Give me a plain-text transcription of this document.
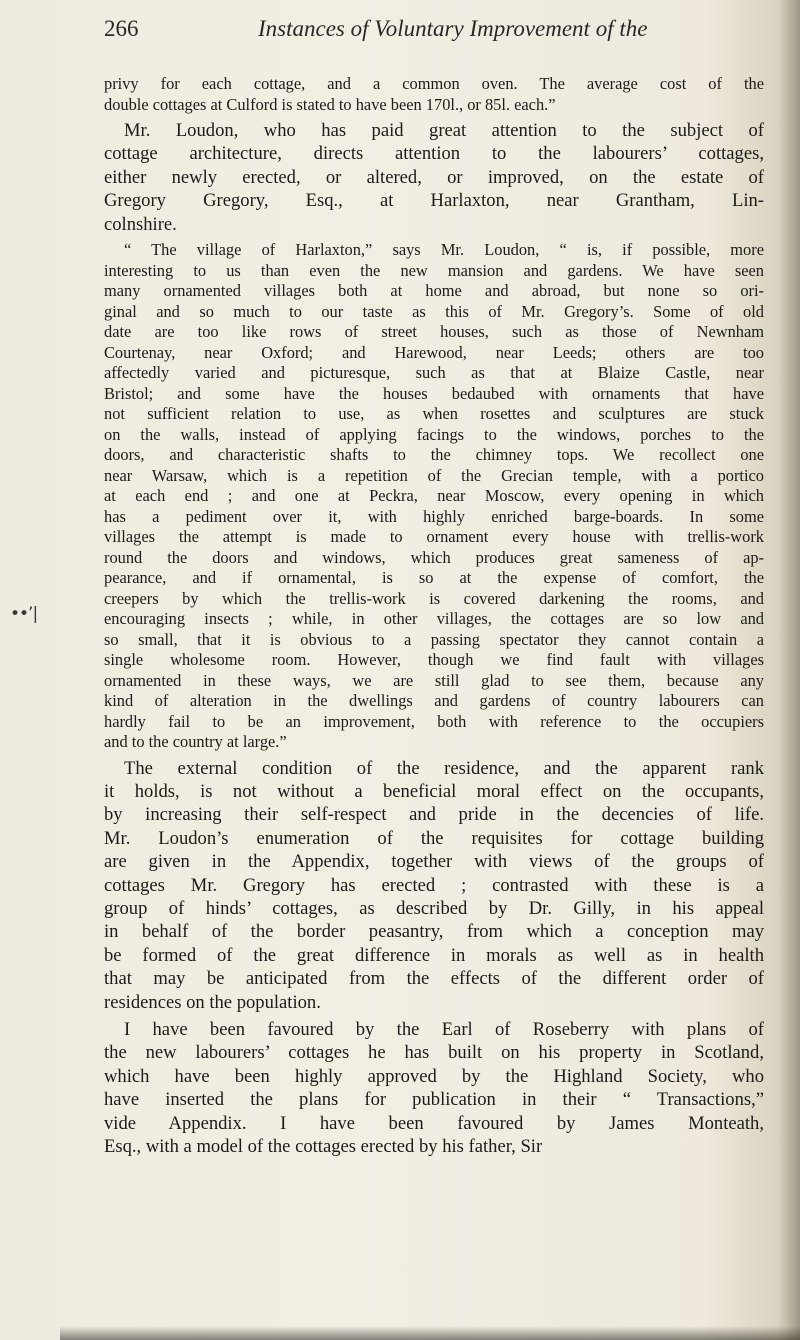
••’|
266	Instances of Voluntary Improvement of the
privy for each cottage, and a common oven. The average cost of the
double cottages at Culford is stated to have been 170l., or 85l. each.”
Mr. Loudon, who has paid great attention to the subject of
cottage architecture, directs attention to the labourers’ cottages,
either newly erected, or altered, or improved, on the estate of
Gregory Gregory, Esq., at Harlaxton, near Grantham, Lin-
colnshire.
“ The village of Harlaxton,” says Mr. Loudon, “ is, if possible, more
interesting to us than even the new mansion and gardens. We have seen
many ornamented villages both at home and abroad, but none so ori-
ginal and so much to our taste as this of Mr. Gregory’s. Some of old
date are too like rows of street houses, such as those of Newnham
Courtenay, near Oxford; and Harewood, near Leeds; others are too
affectedly varied and picturesque, such as that at Blaize Castle, near
Bristol; and some have the houses bedaubed with ornaments that have
not sufficient relation to use, as when rosettes and sculptures are stuck
on the walls, instead of applying facings to the windows, porches to the
doors, and characteristic shafts to the chimney tops. We recollect one
near Warsaw, which is a repetition of the Grecian temple, with a portico
at each end ; and one at Peckra, near Moscow, every opening in which
has a pediment over it, with highly enriched barge-boards. In some
villages the attempt is made to ornament every house with trellis-work
round the doors and windows, which produces great sameness of ap-
pearance, and if ornamental, is so at the expense of comfort, the
creepers by which the trellis-work is covered darkening the rooms, and
encouraging insects ; while, in other villages, the cottages are so low and
so small, that it is obvious to a passing spectator they cannot contain a
single wholesome room. However, though we find fault with villages
ornamented in these ways, we are still glad to see them, because any
kind of alteration in the dwellings and gardens of country labourers can
hardly fail to be an improvement, both with reference to the occupiers
and to the country at large.”
The external condition of the residence, and the apparent rank
it holds, is not without a beneficial moral effect on the occupants,
by increasing their self-respect and pride in the decencies of life.
Mr. Loudon’s enumeration of the requisites for cottage building
are given in the Appendix, together with views of the groups of
cottages Mr. Gregory has erected ; contrasted with these is a
group of hinds’ cottages, as described by Dr. Gilly, in his appeal
in behalf of the border peasantry, from which a conception may
be formed of the great difference in morals as well as in health
that may be anticipated from the effects of the different order of
residences on the population.
I have been favoured by the Earl of Roseberry with plans of
the new labourers’ cottages he has built on his property in Scotland,
which have been highly approved by the Highland Society, who
have inserted the plans for publication in their “ Transactions,”
vide Appendix. I have been favoured by James Monteath,
Esq., with a model of the cottages erected by his father, Sir
